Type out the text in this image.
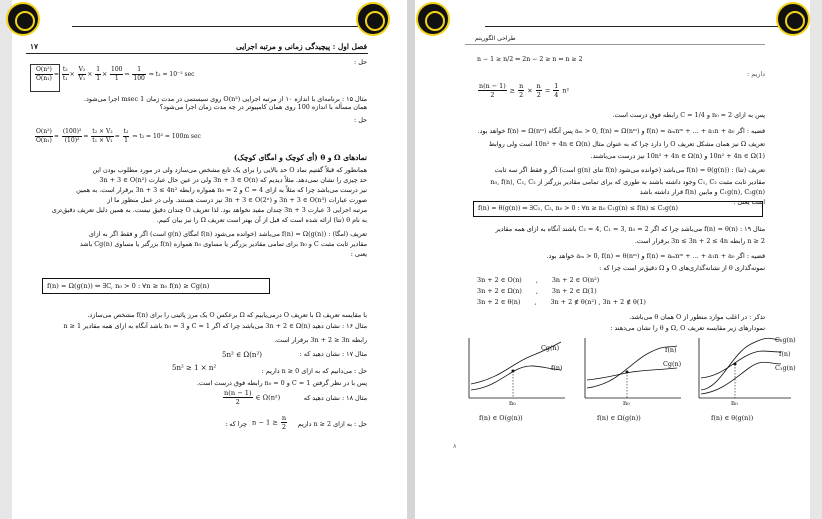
فصل اول : پیچیدگی زمانی و مرتبه اجرایی
۱۷
حل :
$\frac{\text{O(n²)}}{\text{O(n₁)}} = \frac{\text{t₂}}{\text{t₁}} \times \frac{\text{V₂}}{\text{V₁}} \times \frac{1}{1} \times \frac{100}{1}$ ⇒ $\frac{1}{100}$ ⇒ t₂ = 10⁻² sec
مثال ۱۵ : برنامه‌ای با اندازه ۱۰ از مرتبه اجرایی O(n²) روی سیستمی در مدت زمان 1 msec اجرا می‌شود.
همان مسأله با اندازه 100 روی همان کامپیوتر در چه مدت زمان اجرا می‌شود؟
حل :
$\frac{\text{O(n²)}}{\text{O(n₁)}} = \frac{\text{(100)²}}{\text{(10)²}} = \frac{\text{t₂ × V₂}}{\text{t₁ × V₁}} = \frac{\text{t₂}}{1}$ ⇒ t₂ = 10² = 100m sec
نمادهای Ω و θ (أی کوچک و امگای کوچک)
همانطور که قبلاً گفتیم نماد O حد بالایی را برای یک تابع مشخص می‌سازد ولی در مورد مطلوب بودن این
حد چیزی را نشان نمی‌دهد. مثلاً دیدیم که 3n + 3 ∈ O(n) ولی در عین حال عبارت 3n + 3 ∈ O(n²)
نیز درست می‌باشد چرا که مثلاً به ازای C = 4 و n₀ = 2 همواره رابطه 3n + 3 ≤ 4n² برقرار است. به همین
صورت عبارات 3n + 3 ∈ O(n³) و 3n + 3 ∈ O(2ⁿ) نیز درست هستند. ولی در عمل منظور ما از
مرتبه اجرایی 3 عبارت 3n + 3 چندان مفید نخواهد بود. لذا تعریف O چندان دقیق نیست. به همین دلیل تعریف دقیق‌تری
به نام θ (تتا) ارائه شده است که قبل از آن بهتر است تعریف Ω را نیز بیان کنیم.
تعریف (امگا) : f(n) = Ω(g(n)) می‌باشد (خوانده می‌شود f(n) امگای g(n) است) اگر و فقط اگر به ازای
مقادیر ثابت مثبت C و n₀ برای تمامی مقادیر بزرگتر یا مساوی n₀ همواره f(n) بزرگتر یا مساوی Cg(n) باشد
یعنی :
f(n) = Ω(g(n)) ⇔ ∃C, n₀ > 0 : ∀n ≥ n₀ f(n) ≥ Cg(n)
با مقایسه تعریف Ω با تعریف O درمی‌یابیم که Ω برعکس O یک مرز پائینی را برای f(n) مشخص می‌سازد.
مثال ۱۶ : نشان دهید 3n + 2 ∈ Ω(n) می‌باشد چرا که اگر C = 1 و n₀ = 3 باشد آنگاه به ازای همه مقادیر n ≥ 1
رابطه 3n + 2 ≥ 3n برقرار است.
مثال ۱۷ : نشان دهید که :
5n² ∈ Ω(n²)
حل : می‌دانیم که به ازای n ≥ 0 داریم :
5n² ≥ 1 × n²
پس با در نظر گرفتن C = 1 و n₀ = 0 رابطه فوق درست است.
مثال ۱۸ : نشان دهید که
$\frac{n(n - 1)}{2}$ ∈ Ω(n²)
حل : به ازای n ≥ 2 داریم
$n - 1 \ge \frac{n}{2}$
چرا که :
طراحی الگوریتم
n − 1 ≥ n/2 ⇔ 2n − 2 ≥ n ⇔ n ≥ 2
داریم :
$\frac{n(n - 1)}{2} \ge \frac{n}{2} \times \frac{n}{2} = \frac{1}{4} n^2$
پس به ازای n₀ = 2 و C = 1/4 رابطه فوق درست است.
قضیه : اگر f(n) = aₘnᵐ + ... + a₁n + a₀ و aₘ > 0, f(n) = Ω(nᵐ) پس آنگاه f(n) = Ω(nᵐ) خواهد بود.
تعریف Ω نیز همان مشکل تعریف O را دارد چرا که به عنوان مثال 10n² + 4n ∈ Ω(n) است ولی روابط
10n² + 4n ∈ Ω(1) و 10n² + 4n ∈ Ω(n) نیز درست می‌باشند.
تعریف (تتا) : f(n) = θ(g(n)) می‌باشد (خوانده می‌شود f(n) تتای g(n) است) اگر و فقط اگر سه ثابت
مقادیر ثابت مثبت C₁, C₂ وجود داشته باشند به طوری که برای تمامی مقادیر بزرگتر از n₀, f(n), C₁, C₂
C₁g(n), C₂g(n) و مابین f(n) قرار داشته باشد
است یعنی :
f(n) = θ(g(n)) ⇔ ∃C₁, C₂, n₀ > 0 : ∀n ≥ n₀ C₁g(n) ≤ f(n) ≤ C₂g(n)
مثال ۱۹ : f(n) = θ(n) می‌باشد چرا که اگر C₂ = 4, C₁ = 3, n₀ = 2 باشند آنگاه به ازای همه مقادیر
n ≥ 2 رابطه 3n ≤ 3n + 2 ≤ 4n برقرار است.
قضیه : اگر f(n) = aₘnᵐ + ... + a₁n + a₀ و aₘ > 0, f(n) = θ(nᵐ) خواهد بود.
نمونه‌گذاری θ از نشانه‌گذاری‌های O و Ω دقیق‌تر است چرا که :
3n + 2 ∈ O(n) , 3n + 2 ∈ O(n²)
3n + 2 ∈ Ω(n) , 3n + 2 ∈ Ω(1)
3n + 2 ∈ θ(n) , 3n + 2 ∉ θ(n²) , 3n + 2 ∉ θ(1)
تذکر : در اغلب موارد منظور از O همان θ می‌باشد.
نمودارهای زیر مقایسه تعریف Ω, O و θ را نشان می‌دهند :
Cg(n)
f(n)
n₀
f(n)
Cg(n)
n₀
C₂g(n)
f(n)
C₁g(n)
n₀
f(n) ∈ O(g(n))	f(n) ∈ Ω(g(n))	f(n) ∈ θ(g(n))
۸
